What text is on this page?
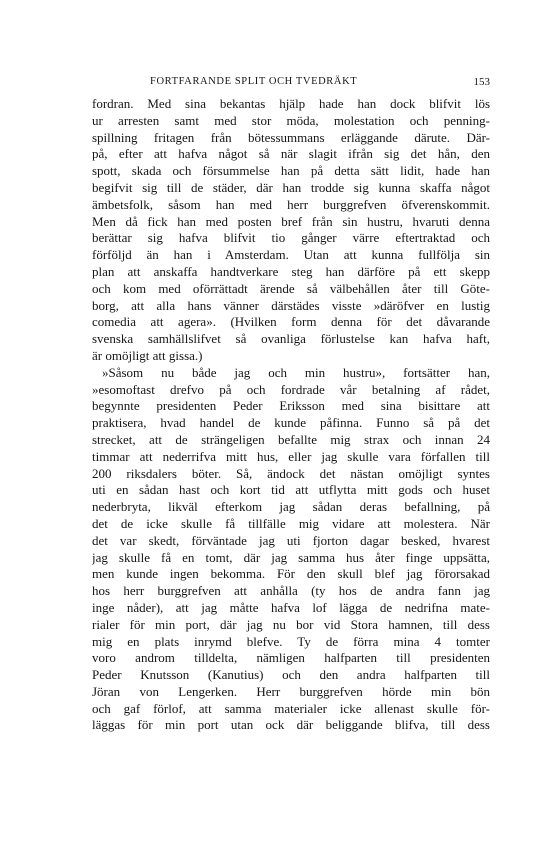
FORTFARANDE SPLIT OCH TVEDRÄKT	153
fordran. Med sina bekantas hjälp hade han dock blifvit lös
ur arresten samt med stor möda, molestation och penning-
spillning fritagen från bötessummans erläggande därute. Där-
på, efter att hafva något så när slagit ifrån sig det hån, den
spott, skada och försummelse han på detta sätt lidit, hade han
begifvit sig till de städer, där han trodde sig kunna skaffa något
ämbetsfolk, såsom han med herr burggrefven öfverenskommit.
Men då fick han med posten bref från sin hustru, hvaruti denna
berättar sig hafva blifvit tio gånger värre eftertraktad och
förföljd än han i Amsterdam. Utan att kunna fullfölja sin
plan att anskaffa handtverkare steg han därföre på ett skepp
och kom med oförrättadt ärende så välbehållen åter till Göte-
borg, att alla hans vänner därstädes visste »däröfver en lustig
comedia att agera». (Hvilken form denna för det dåvarande
svenska samhällslifvet så ovanliga förlustelse kan hafva haft,
är omöjligt att gissa.)
»Såsom nu både jag och min hustru», fortsätter han,
»esomoftast drefvo på och fordrade vår betalning af rådet,
begynnte presidenten Peder Eriksson med sina bisittare att
praktisera, hvad handel de kunde påfinna. Funno så på det
strecket, att de strängeligen befallte mig strax och innan 24
timmar att nederrifva mitt hus, eller jag skulle vara förfallen till
200 riksdalers böter. Så, ändock det nästan omöjligt syntes
uti en sådan hast och kort tid att utflytta mitt gods och huset
nederbryta, likväl efterkom jag sådan deras befallning, på
det de icke skulle få tillfälle mig vidare att molestera. När
det var skedt, förväntade jag uti fjorton dagar besked, hvarest
jag skulle få en tomt, där jag samma hus åter finge uppsätta,
men kunde ingen bekomma. För den skull blef jag förorsakad
hos herr burggrefven att anhålla (ty hos de andra fann jag
inge nåder), att jag måtte hafva lof lägga de nedrifna mate-
rialer för min port, där jag nu bor vid Stora hamnen, till dess
mig en plats inrymd blefve. Ty de förra mina 4 tomter
voro androm tilldelta, nämligen halfparten till presidenten
Peder Knutsson (Kanutius) och den andra halfparten till
Jöran von Lengerken. Herr burggrefven hörde min bön
och gaf förlof, att samma materialer icke allenast skulle för-
läggas för min port utan ock där beliggande blifva, till dess
